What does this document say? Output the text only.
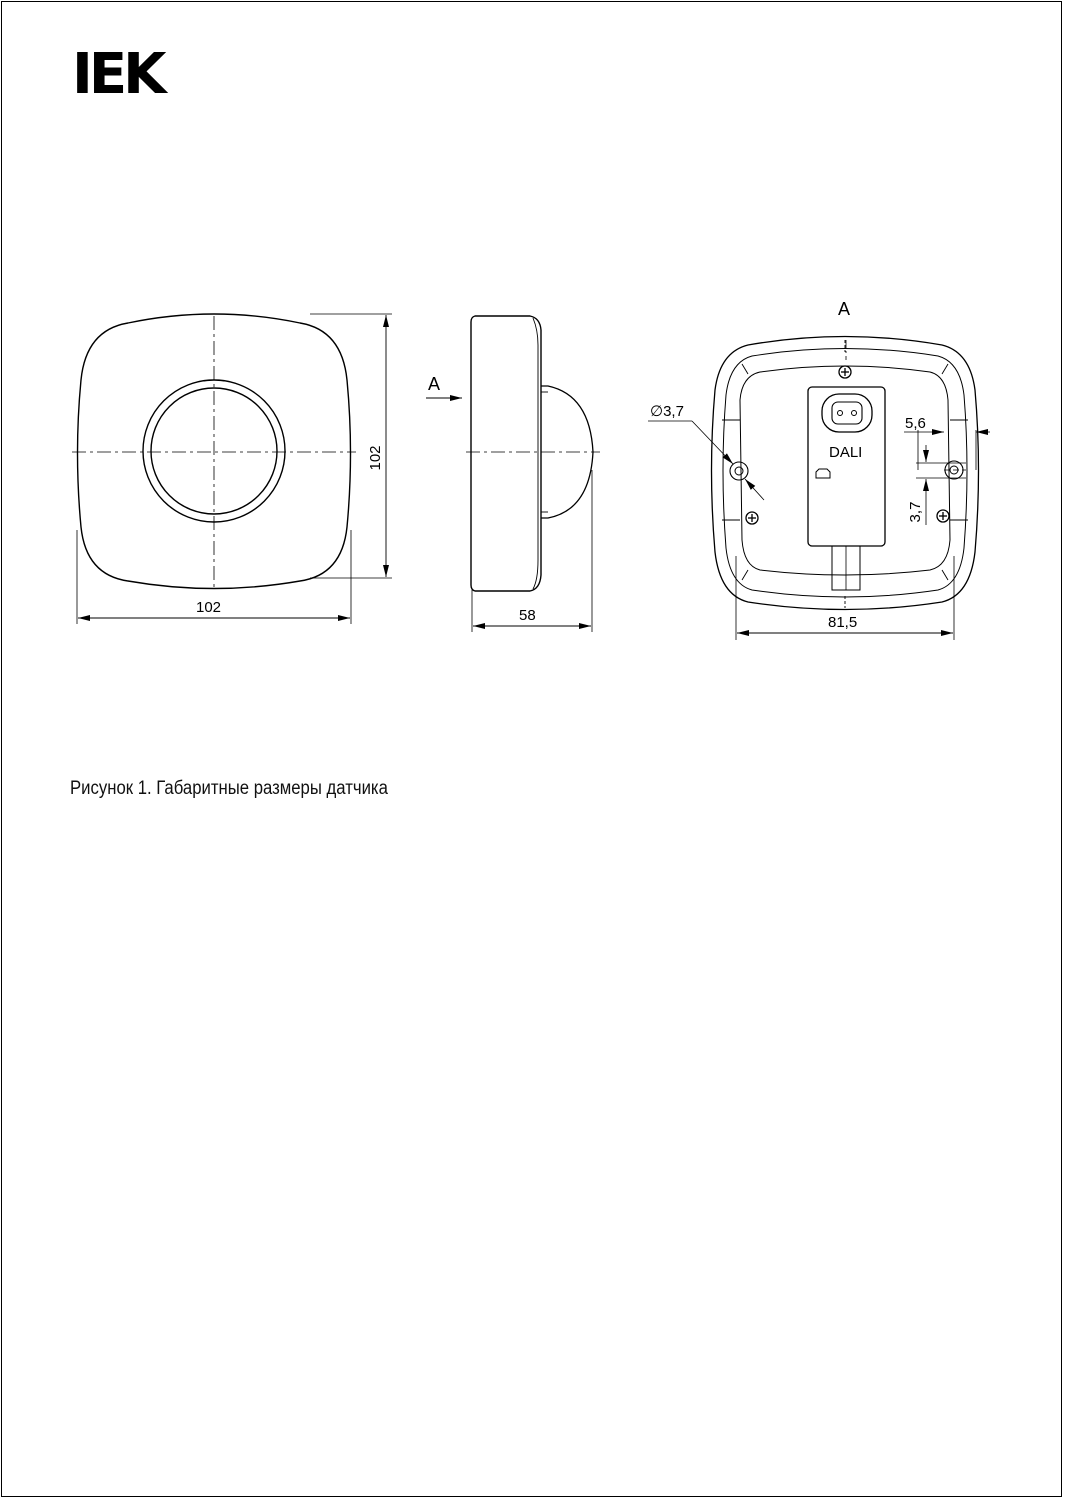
IEK
102
102
A
58
A
DALI
∅3,7
5,6
3,7
81,5
Рисунок 1. Габаритные размеры датчика
